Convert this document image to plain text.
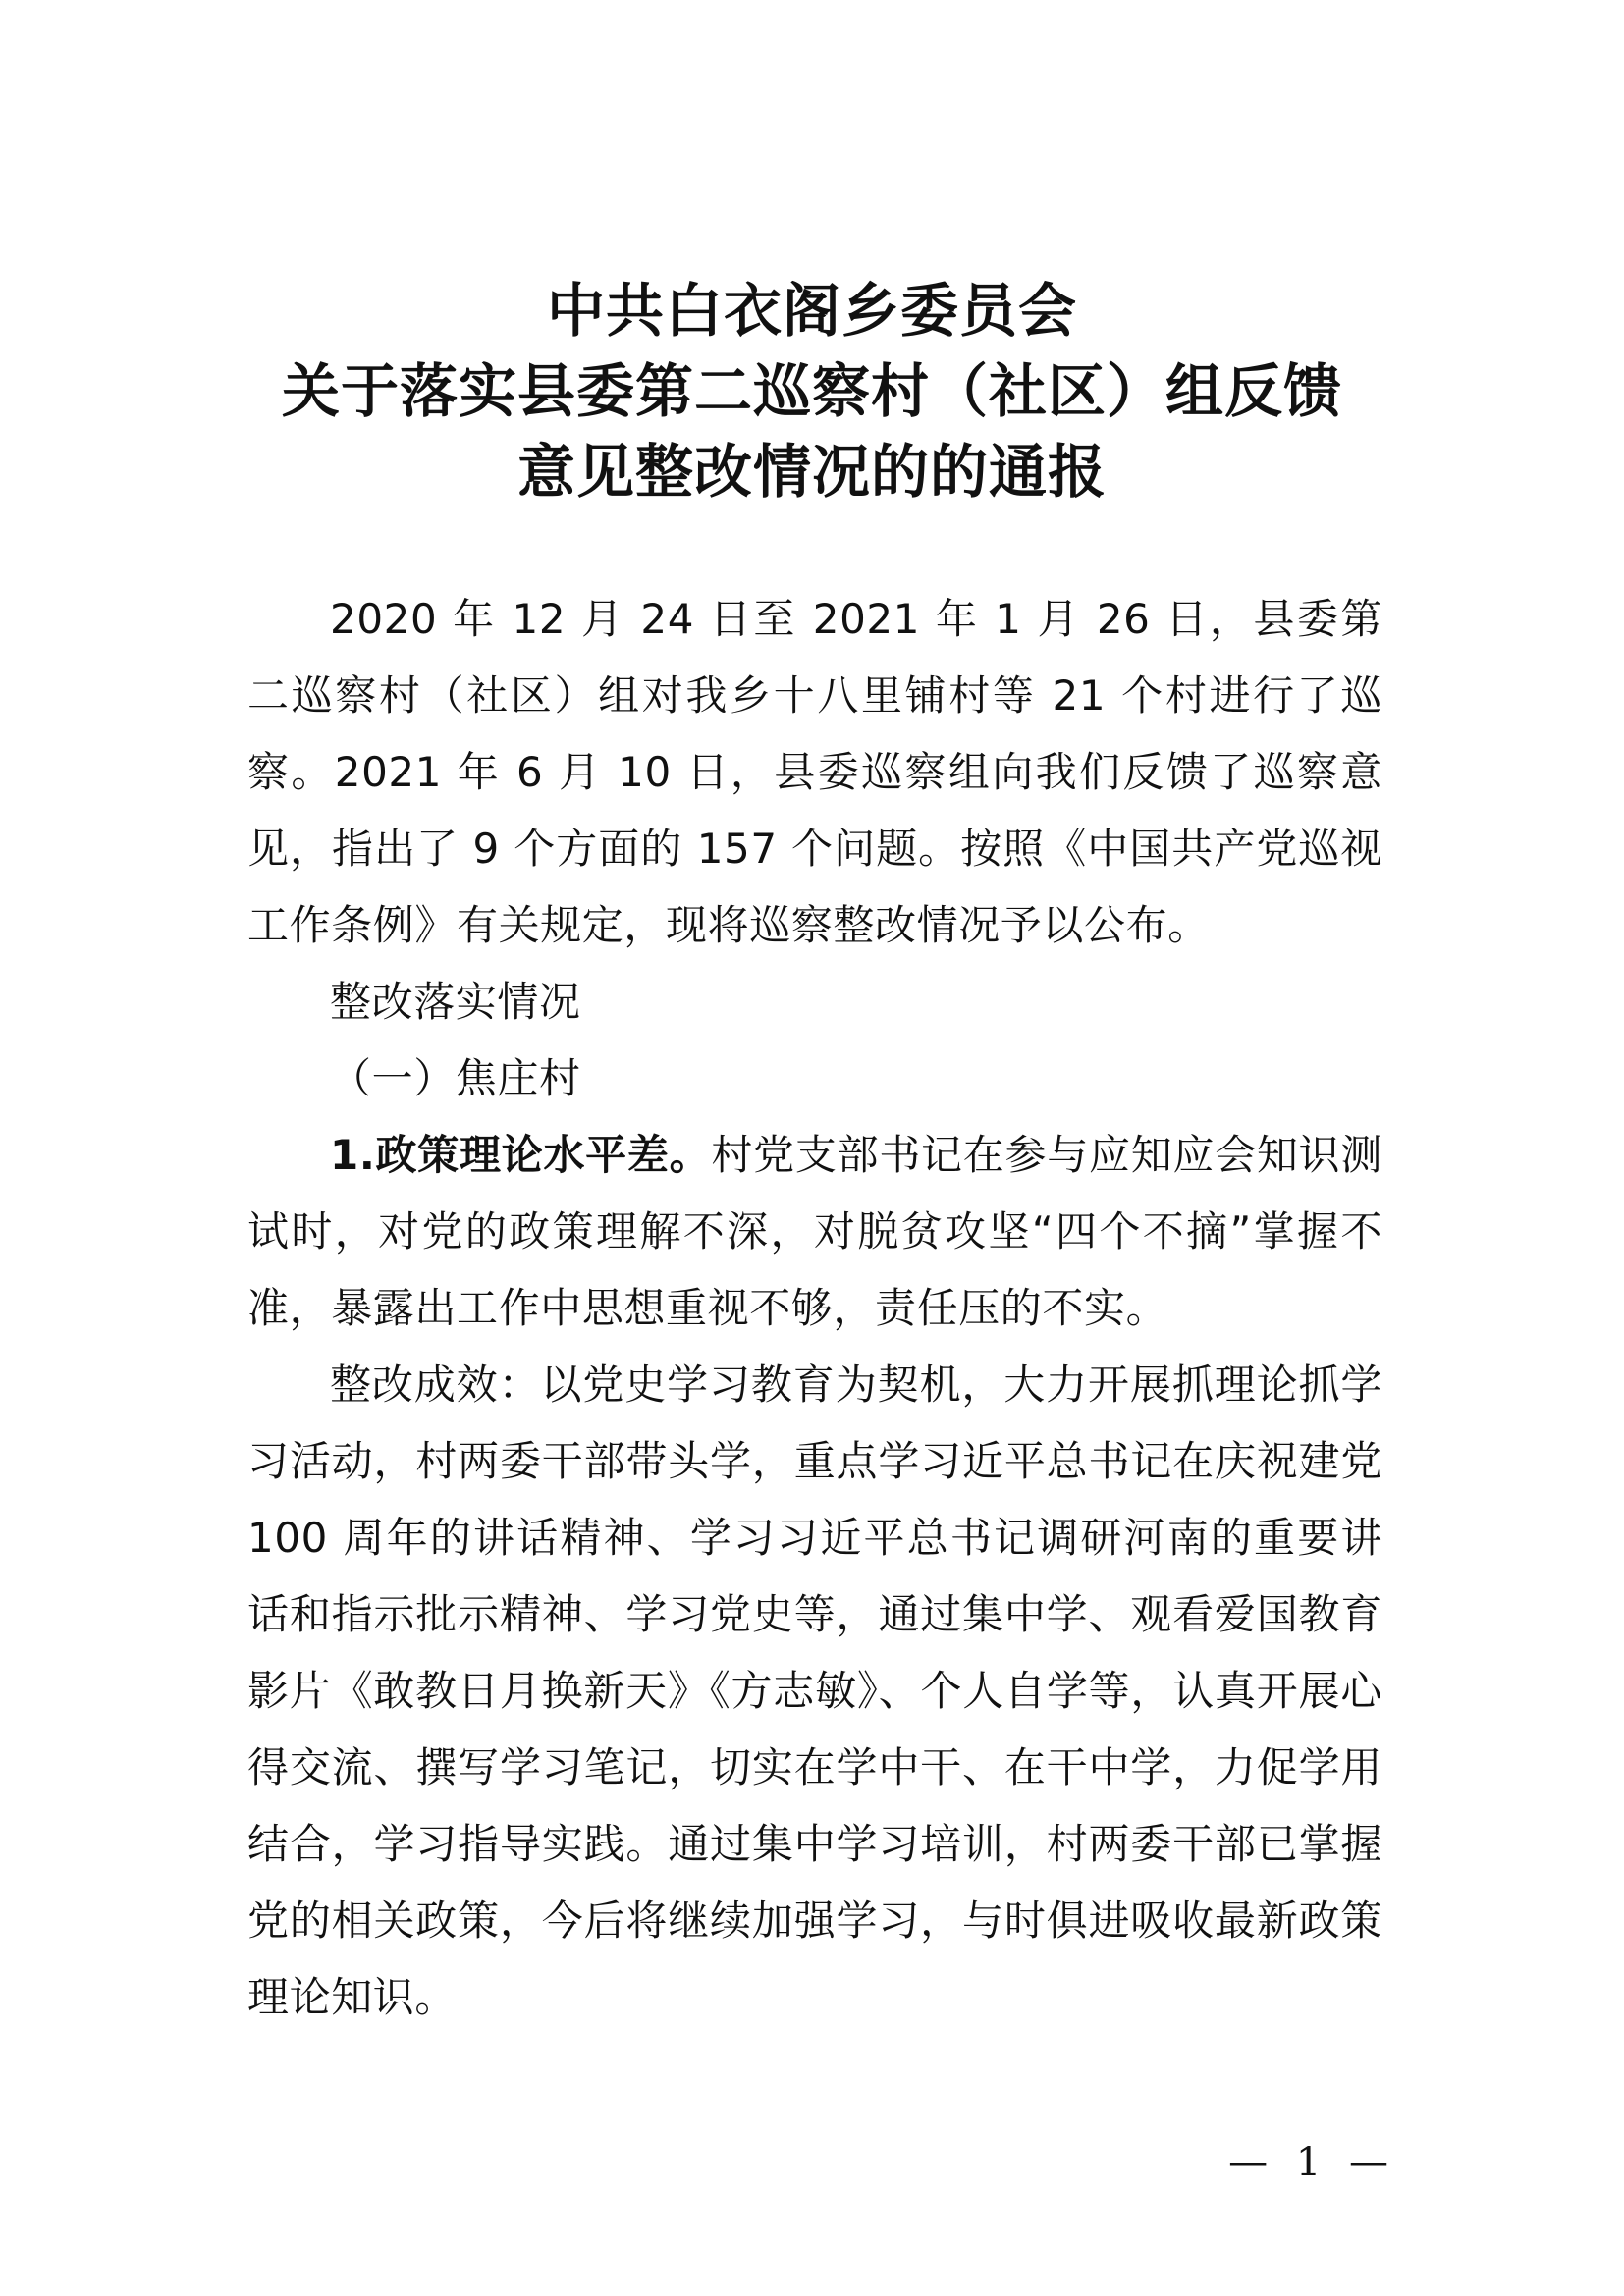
中共白衣阁乡委员会
关于落实县委第二巡察村（社区）组反馈
意见整改情况的的通报

2020 年 12 月 24 日至 2021 年 1 月 26 日，县委第二巡察村（社区）组对我乡十八里铺村等 21 个村进行了巡察。2021 年 6 月 10 日，县委巡察组向我们反馈了巡察意见，指出了 9 个方面的 157 个问题。按照《中国共产党巡视工作条例》有关规定，现将巡察整改情况予以公布。

整改落实情况

（一）焦庄村

1.政策理论水平差。村党支部书记在参与应知应会知识测试时，对党的政策理解不深，对脱贫攻坚“四个不摘”掌握不准，暴露出工作中思想重视不够，责任压的不实。

整改成效：以党史学习教育为契机，大力开展抓理论抓学习活动，村两委干部带头学，重点学习近平总书记在庆祝建党 100 周年的讲话精神、学习习近平总书记调研河南的重要讲话和指示批示精神、学习党史等，通过集中学、观看爱国教育影片《敢教日月换新天》《方志敏》、个人自学等，认真开展心得交流、撰写学习笔记，切实在学中干、在干中学，力促学用结合，学习指导实践。通过集中学习培训，村两委干部已掌握党的相关政策，今后将继续加强学习，与时俱进吸收最新政策理论知识。

— 1 —
